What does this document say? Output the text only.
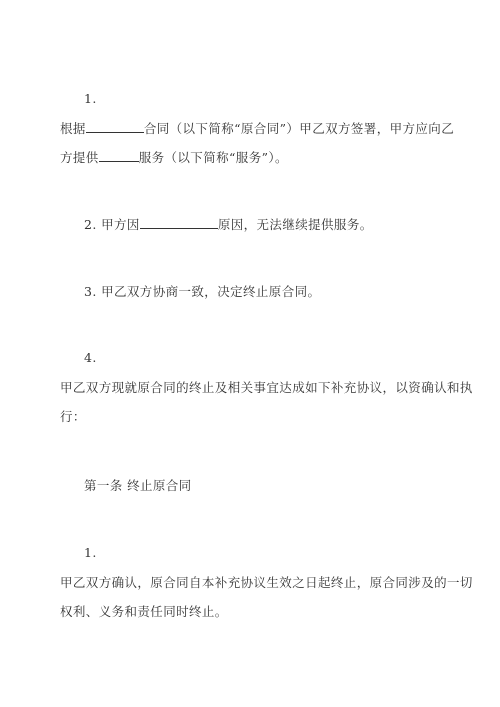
1.
根据	合同（以下简称“原合同”）甲乙双方签署，甲方应向乙
方提供	服务（以下简称“服务”）。
2. 甲方因	原因，无法继续提供服务。
3. 甲乙双方协商一致，决定终止原合同。
4.
甲乙双方现就原合同的终止及相关事宜达成如下补充协议，以资确认和执
行：
第一条 终止原合同
1.
甲乙双方确认，原合同自本补充协议生效之日起终止，原合同涉及的一切
权利、义务和责任同时终止。
